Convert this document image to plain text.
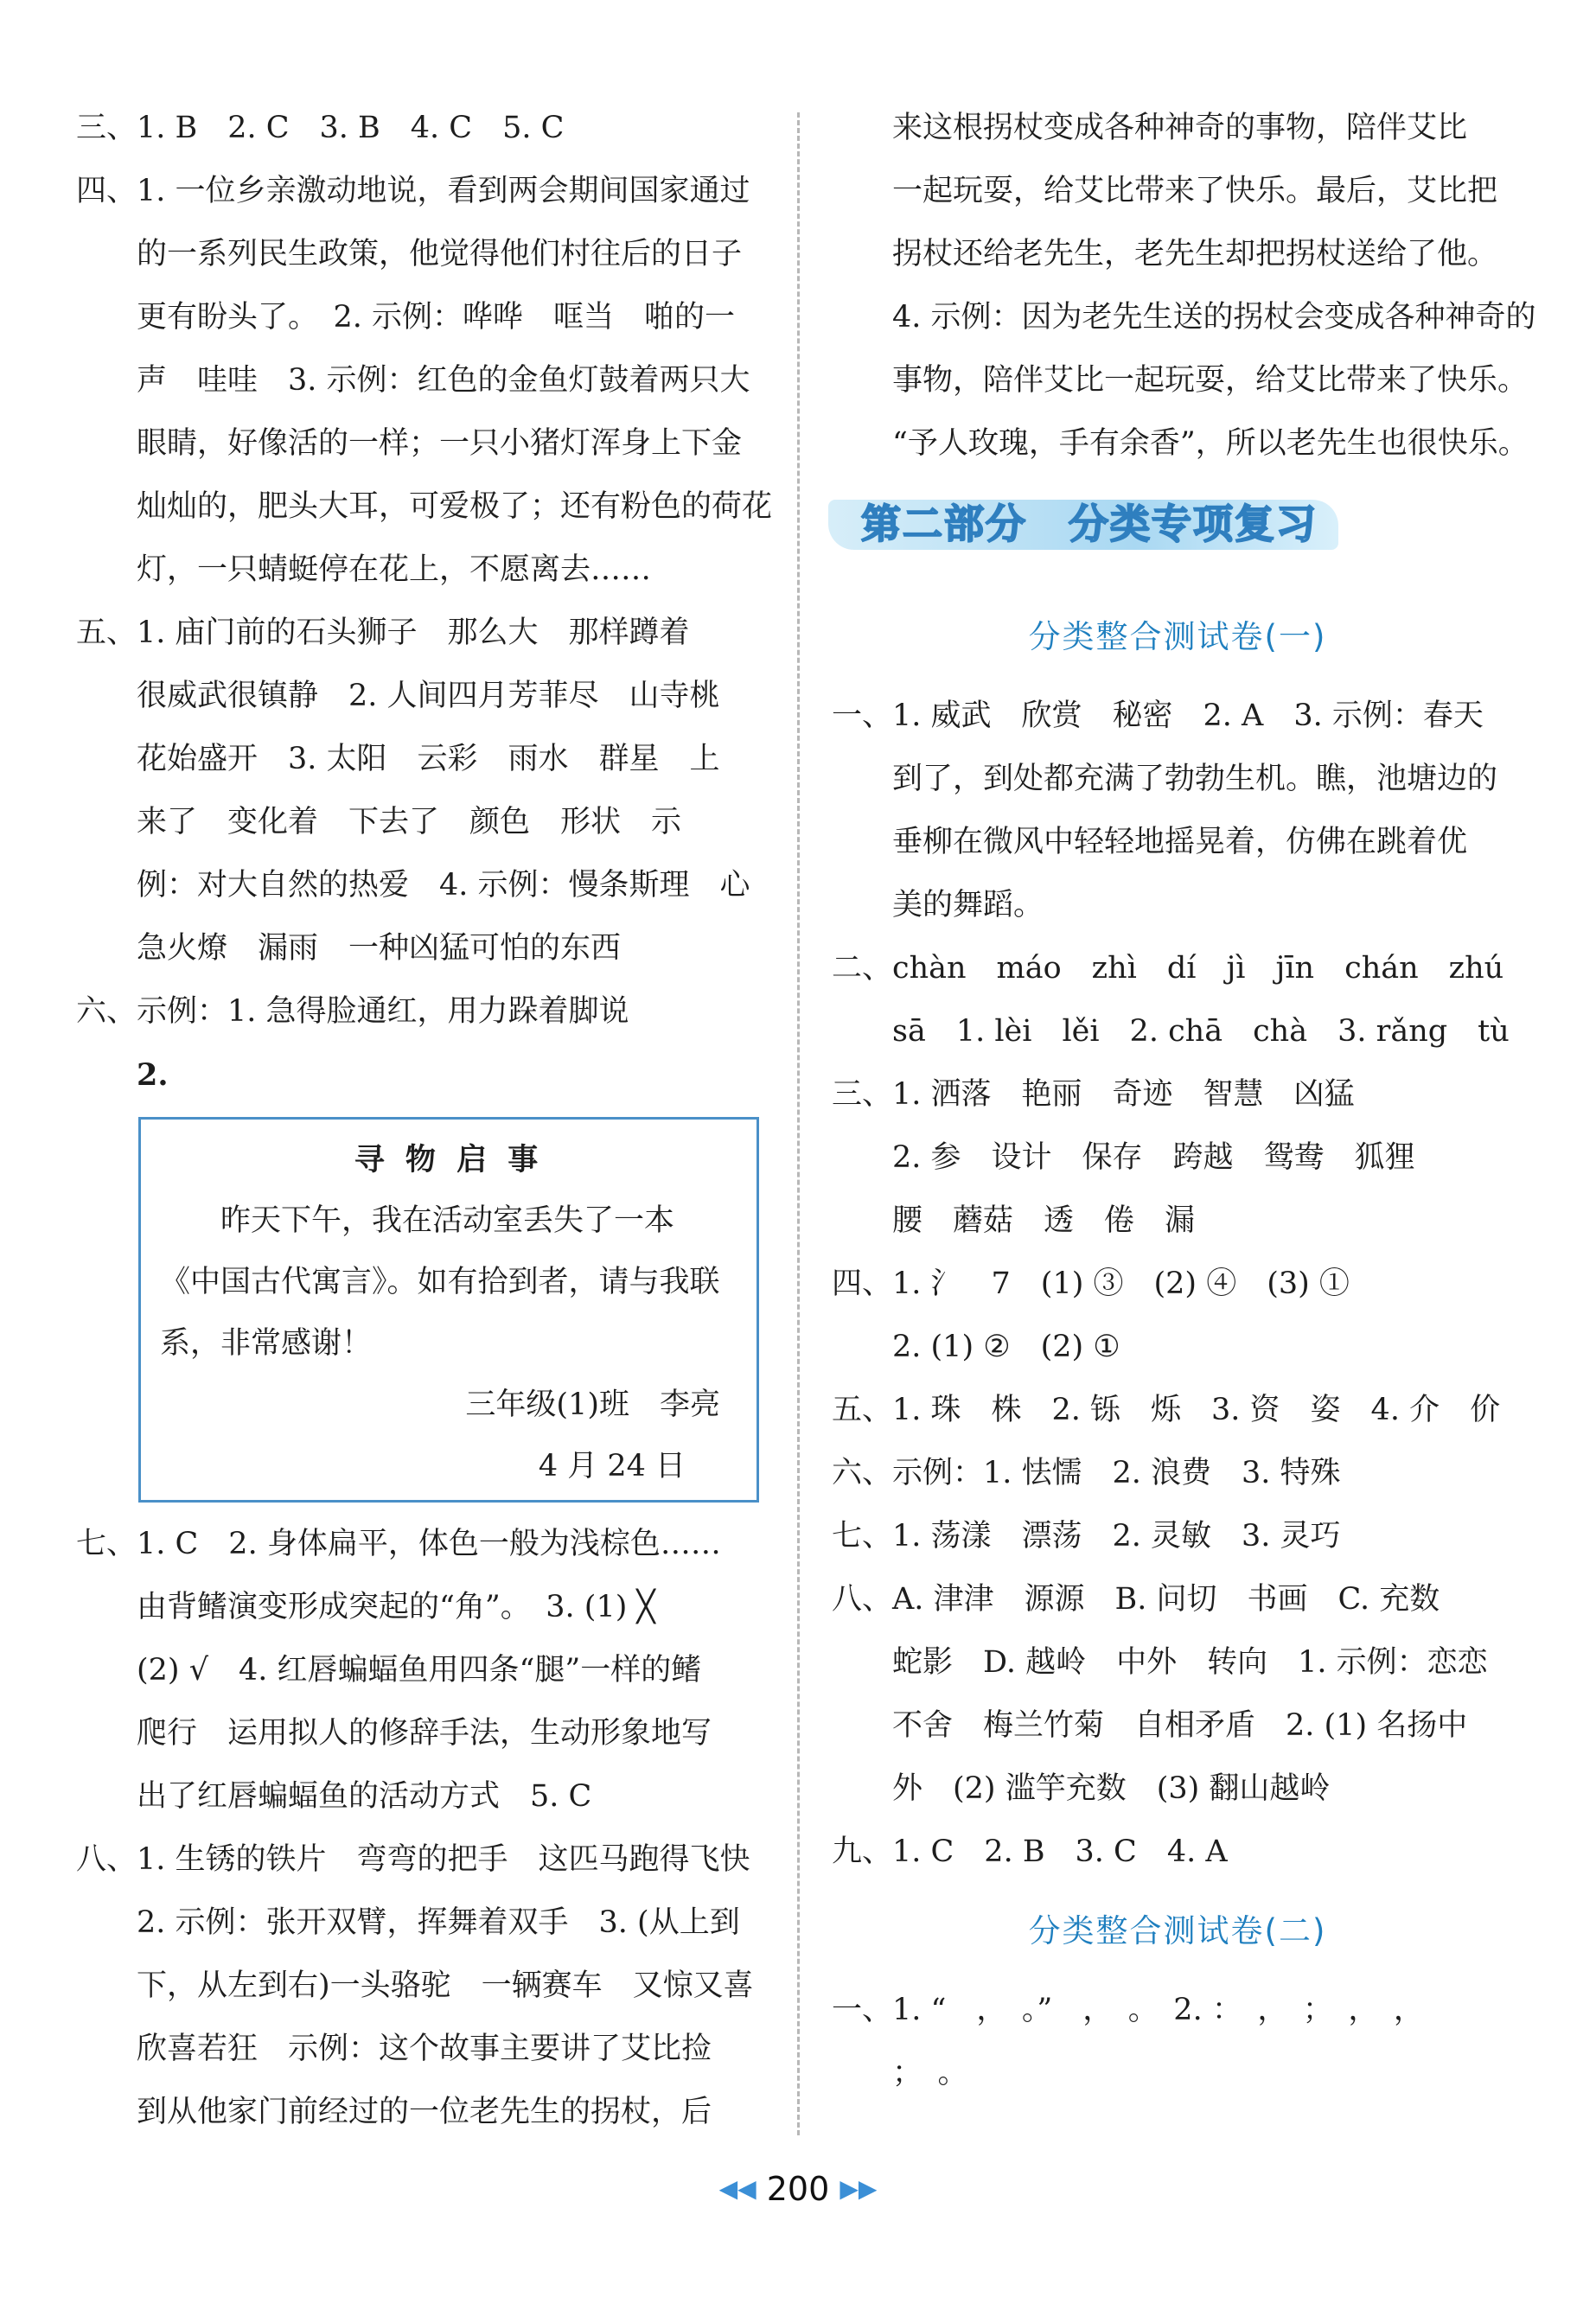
三、1. B　2. C　3. B　4. C　5. C
四、1. 一位乡亲激动地说，看到两会期间国家通过
的一系列民生政策，他觉得他们村往后的日子
更有盼头了。　2. 示例：哗哗　哐当　啪的一
声　哇哇　3. 示例：红色的金鱼灯鼓着两只大
眼睛，好像活的一样；一只小猪灯浑身上下金
灿灿的，肥头大耳，可爱极了；还有粉色的荷花
灯，一只蜻蜓停在花上，不愿离去……
五、1. 庙门前的石头狮子　那么大　那样蹲着
很威武很镇静　2. 人间四月芳菲尽　山寺桃
花始盛开　3. 太阳　云彩　雨水　群星　上
来了　变化着　下去了　颜色　形状　示
例：对大自然的热爱　4. 示例：慢条斯理　心
急火燎　漏雨　一种凶猛可怕的东西
六、示例：1. 急得脸通红，用力跺着脚说
2.
寻 物 启 事
昨天下午，我在活动室丢失了一本
《中国古代寓言》。如有拾到者，请与我联
系，非常感谢！
三年级(1)班　李亮
4 月 24 日
七、1. C　2. 身体扁平，体色一般为浅棕色……
由背鳍演变形成突起的“角”。　3. (1) ╳
(2) √　4. 红唇蝙蝠鱼用四条“腿”一样的鳍
爬行　运用拟人的修辞手法，生动形象地写
出了红唇蝙蝠鱼的活动方式　5. C
八、1. 生锈的铁片　弯弯的把手　这匹马跑得飞快
2. 示例：张开双臂，挥舞着双手　3. (从上到
下，从左到右)一头骆驼　一辆赛车　又惊又喜
欣喜若狂　示例：这个故事主要讲了艾比捡
到从他家门前经过的一位老先生的拐杖，后
来这根拐杖变成各种神奇的事物，陪伴艾比
一起玩耍，给艾比带来了快乐。最后，艾比把
拐杖还给老先生，老先生却把拐杖送给了他。
4. 示例：因为老先生送的拐杖会变成各种神奇的
事物，陪伴艾比一起玩耍，给艾比带来了快乐。
“予人玫瑰，手有余香”，所以老先生也很快乐。
第二部分　分类专项复习
分类整合测试卷(一)
一、1. 威武　欣赏　秘密　2. A　3. 示例：春天
到了，到处都充满了勃勃生机。瞧，池塘边的
垂柳在微风中轻轻地摇晃着，仿佛在跳着优
美的舞蹈。
二、chàn　máo　zhì　dí　jì　jīn　chán　zhú
sā　1. lèi　lěi　2. chā　chà　3. rǎng　tù
三、1. 洒落　艳丽　奇迹　智慧　凶猛
2. 参　设计　保存　跨越　鸳鸯　狐狸
腰　蘑菇　透　倦　漏
四、1. 氵　7　(1) ③　(2) ④　(3) ①
2. (1) ②　(2) ①
五、1. 珠　株　2. 铄　烁　3. 资　姿　4. 介　价
六、示例：1. 怯懦　2. 浪费　3. 特殊
七、1. 荡漾　漂荡　2. 灵敏　3. 灵巧
八、A. 津津　源源　B. 问切　书画　C. 充数
蛇影　D. 越岭　中外　转向　1. 示例：恋恋
不舍　梅兰竹菊　自相矛盾　2. (1) 名扬中
外　(2) 滥竽充数　(3) 翻山越岭
九、1. C　2. B　3. C　4. A
分类整合测试卷(二)
一、1. “　，　。”　，　。　2. ：　，　；　，　，
；　。
◀◀ 200 ▶▶
